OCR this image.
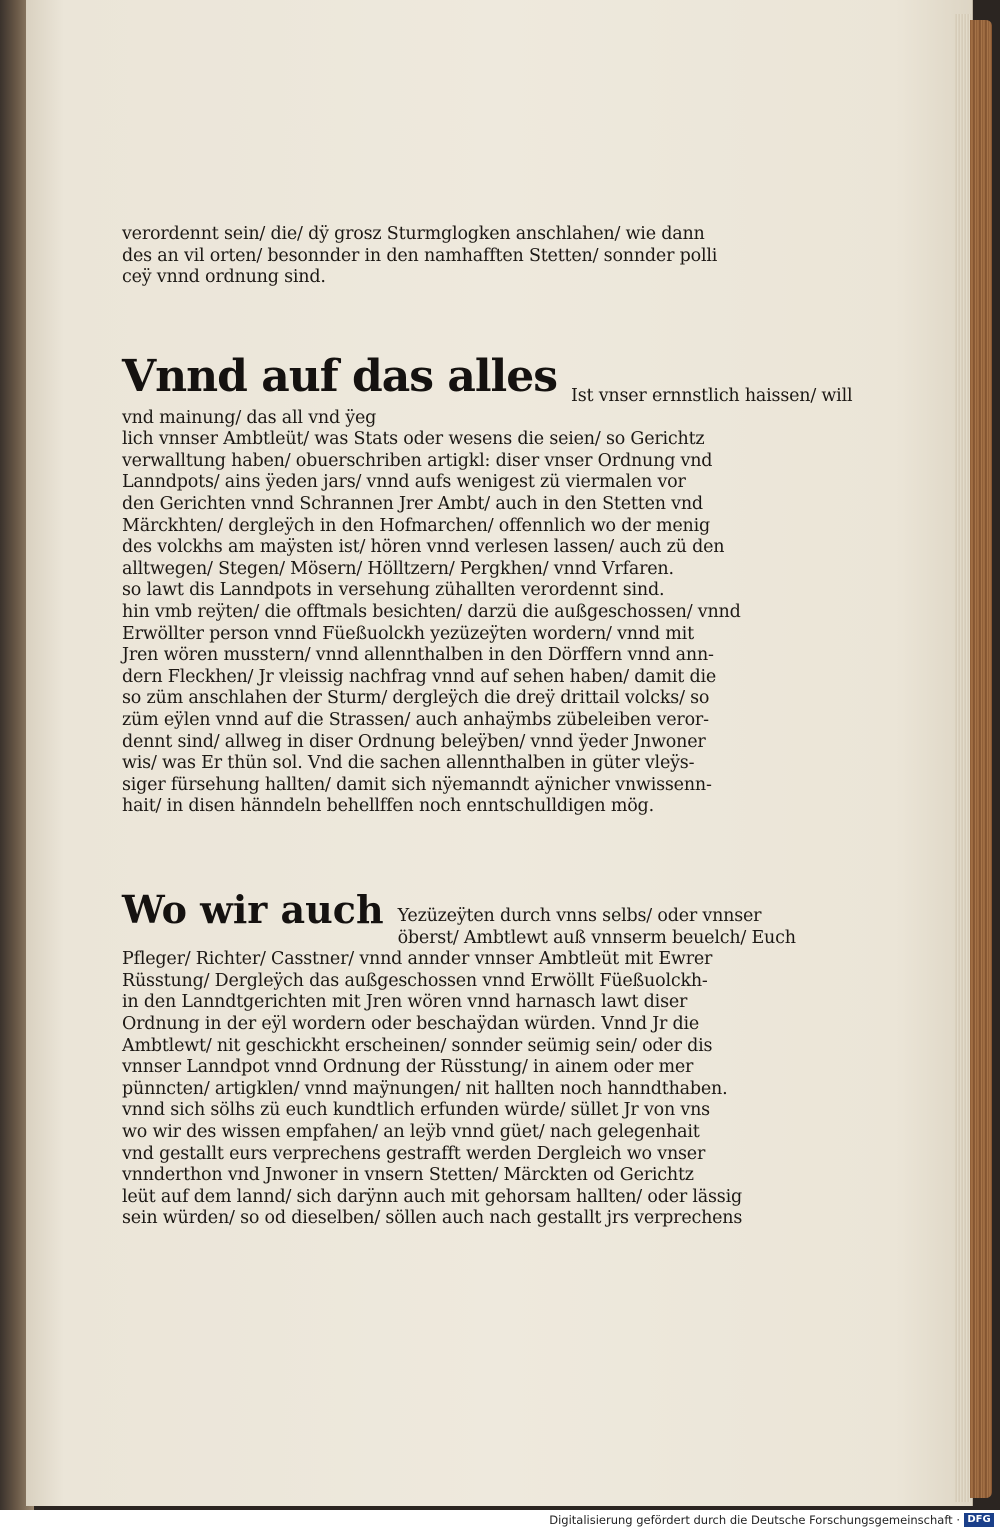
verordennt sein/ die/ dÿ grosz Sturmglogken anschlahen/ wie dann
des an vil orten/ besonnder in den namhafften Stetten/ sonnder polli
ceÿ vnnd ordnung sind.
Vnnd auf das alles Ist vnser ernnstlich haissen/ will
vnd mainung/ das all vnd ÿeg
lich vnnser Ambtleüt/ was Stats oder wesens die seien/ so Gerichtz
verwalltung haben/ obuerschriben artigkl: diser vnser Ordnung vnd
Lanndpots/ ains ÿeden jars/ vnnd aufs wenigest zü viermalen vor
den Gerichten vnnd Schrannen Jrer Ambt/ auch in den Stetten vnd
Märckhten/ dergleÿch in den Hofmarchen/ offennlich wo der menig
des volckhs am maÿsten ist/ hören vnnd verlesen lassen/ auch zü den
alltwegen/ Stegen/ Mösern/ Hölltzern/ Pergkhen/ vnnd Vrfaren.
so lawt dis Lanndpots in versehung zühallten verordennt sind.
hin vmb reÿten/ die offtmals besichten/ darzü die außgeschossen/ vnnd
Erwöllter person vnnd Füeßuolckh yezüzeÿten wordern/ vnnd mit
Jren wören musstern/ vnnd allennthalben in den Dörffern vnnd ann-
dern Fleckhen/ Jr vleissig nachfrag vnnd auf sehen haben/ damit die
so züm anschlahen der Sturm/ dergleÿch die dreÿ drittail volcks/ so
züm eÿlen vnnd auf die Strassen/ auch anhaÿmbs zübeleiben veror-
dennt sind/ allweg in diser Ordnung beleÿben/ vnnd ÿeder Jnwoner
wis/ was Er thün sol. Vnd die sachen allennthalben in güter vleÿs-
siger fürsehung hallten/ damit sich nÿemanndt aÿnicher vnwissenn-
hait/ in disen hänndeln behellffen noch enntschulldigen mög.
Wo wir auch Yezüzeÿten durch vnns selbs/ oder vnnser
öberst/ Ambtlewt auß vnnserm beuelch/ Euch
Pfleger/ Richter/ Casstner/ vnnd annder vnnser Ambtleüt mit Ewrer
Rüsstung/ Dergleÿch das außgeschossen vnnd Erwöllt Füeßuolckh-
in den Lanndtgerichten mit Jren wören vnnd harnasch lawt diser
Ordnung in der eÿl wordern oder beschaÿdan würden. Vnnd Jr die
Ambtlewt/ nit geschickht erscheinen/ sonnder seümig sein/ oder dis
vnnser Lanndpot vnnd Ordnung der Rüsstung/ in ainem oder mer
pünncten/ artigklen/ vnnd maÿnungen/ nit hallten noch hanndthaben.
vnnd sich sölhs zü euch kundtlich erfunden würde/ süllet Jr von vns
wo wir des wissen empfahen/ an leÿb vnnd güet/ nach gelegenhait
vnd gestallt eurs verprechens gestrafft werden Dergleich wo vnser
vnnderthon vnd Jnwoner in vnsern Stetten/ Märckten od Gerichtz
leüt auf dem lannd/ sich darÿnn auch mit gehorsam hallten/ oder lässig
sein würden/ so od dieselben/ söllen auch nach gestallt jrs verprechens
Digitalisierung gefördert durch die Deutsche Forschungsgemeinschaft · DFG
